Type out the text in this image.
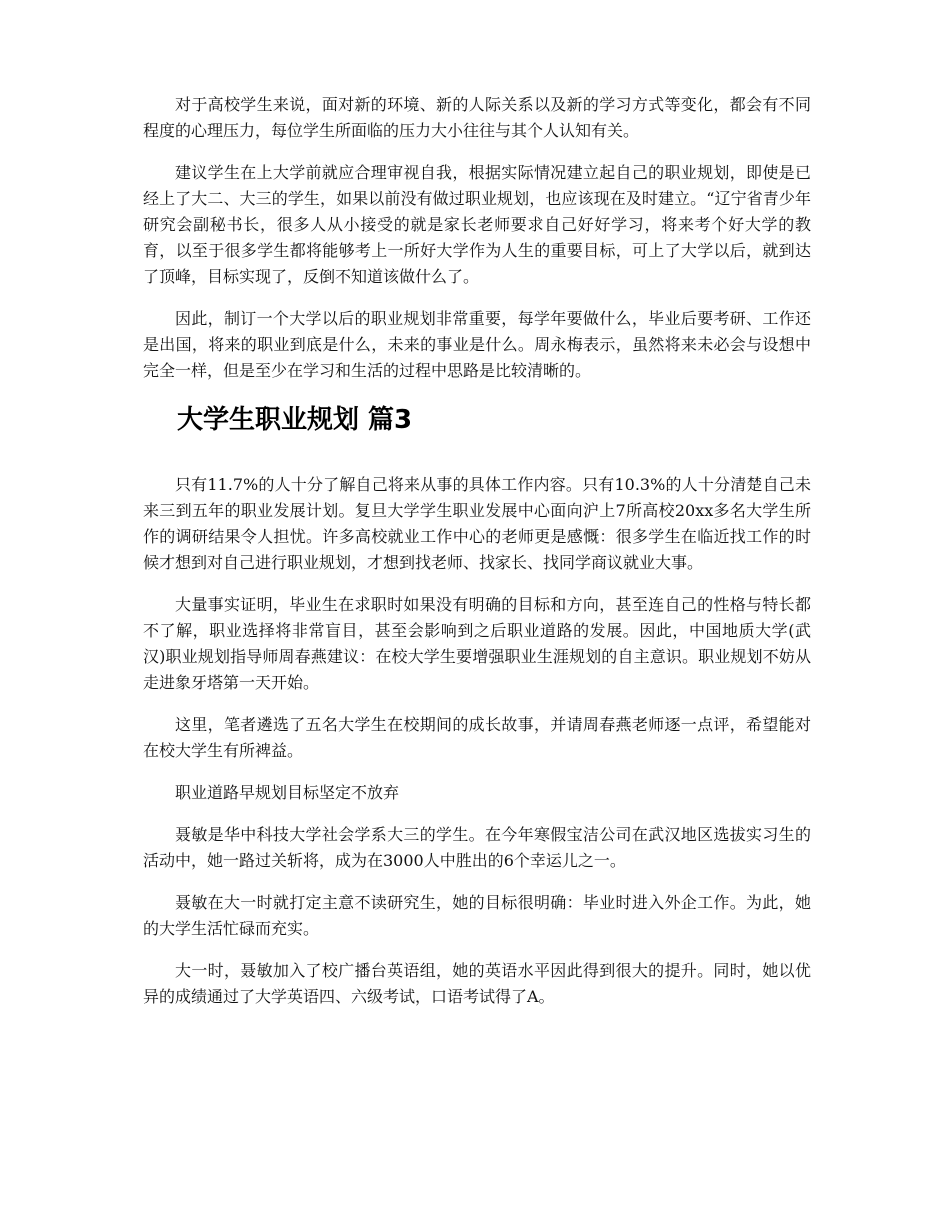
对于高校学生来说，面对新的环境、新的人际关系以及新的学习方式等变化，都会有不同程度的心理压力，每位学生所面临的压力大小往往与其个人认知有关。

建议学生在上大学前就应合理审视自我，根据实际情况建立起自己的职业规划，即使是已经上了大二、大三的学生，如果以前没有做过职业规划，也应该现在及时建立。“辽宁省青少年研究会副秘书长，很多人从小接受的就是家长老师要求自己好好学习，将来考个好大学的教育，以至于很多学生都将能够考上一所好大学作为人生的重要目标，可上了大学以后，就到达了顶峰，目标实现了，反倒不知道该做什么了。

因此，制订一个大学以后的职业规划非常重要，每学年要做什么，毕业后要考研、工作还是出国，将来的职业到底是什么，未来的事业是什么。周永梅表示，虽然将来未必会与设想中完全一样，但是至少在学习和生活的过程中思路是比较清晰的。

大学生职业规划 篇3

只有11.7%的人十分了解自己将来从事的具体工作内容。只有10.3%的人十分清楚自己未来三到五年的职业发展计划。复旦大学学生职业发展中心面向沪上7所高校20xx多名大学生所作的调研结果令人担忧。许多高校就业工作中心的老师更是感慨：很多学生在临近找工作的时候才想到对自己进行职业规划，才想到找老师、找家长、找同学商议就业大事。

大量事实证明，毕业生在求职时如果没有明确的目标和方向，甚至连自己的性格与特长都不了解，职业选择将非常盲目，甚至会影响到之后职业道路的发展。因此，中国地质大学(武汉)职业规划指导师周春燕建议：在校大学生要增强职业生涯规划的自主意识。职业规划不妨从走进象牙塔第一天开始。

这里，笔者遴选了五名大学生在校期间的成长故事，并请周春燕老师逐一点评，希望能对在校大学生有所裨益。

职业道路早规划目标坚定不放弃

聂敏是华中科技大学社会学系大三的学生。在今年寒假宝洁公司在武汉地区选拔实习生的活动中，她一路过关斩将，成为在3000人中胜出的6个幸运儿之一。

聂敏在大一时就打定主意不读研究生，她的目标很明确：毕业时进入外企工作。为此，她的大学生活忙碌而充实。

大一时，聂敏加入了校广播台英语组，她的英语水平因此得到很大的提升。同时，她以优异的成绩通过了大学英语四、六级考试，口语考试得了A。
